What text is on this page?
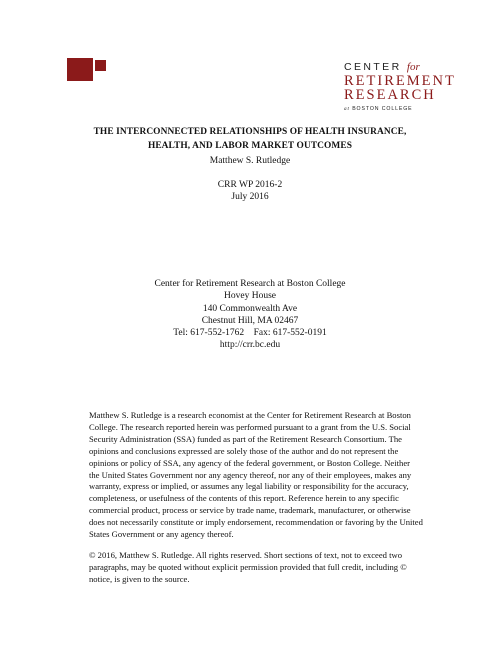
CENTER for
RETIREMENT
RESEARCH
at BOSTON COLLEGE
THE INTERCONNECTED RELATIONSHIPS OF HEALTH INSURANCE,
HEALTH, AND LABOR MARKET OUTCOMES
Matthew S. Rutledge
CRR WP 2016-2
July 2016
Center for Retirement Research at Boston College
Hovey House
140 Commonwealth Ave
Chestnut Hill, MA 02467
Tel: 617-552-1762    Fax: 617-552-0191
http://crr.bc.edu
Matthew S. Rutledge is a research economist at the Center for Retirement Research at Boston
College. The research reported herein was performed pursuant to a grant from the U.S. Social
Security Administration (SSA) funded as part of the Retirement Research Consortium. The
opinions and conclusions expressed are solely those of the author and do not represent the
opinions or policy of SSA, any agency of the federal government, or Boston College. Neither
the United States Government nor any agency thereof, nor any of their employees, makes any
warranty, express or implied, or assumes any legal liability or responsibility for the accuracy,
completeness, or usefulness of the contents of this report. Reference herein to any specific
commercial product, process or service by trade name, trademark, manufacturer, or otherwise
does not necessarily constitute or imply endorsement, recommendation or favoring by the United
States Government or any agency thereof.
© 2016, Matthew S. Rutledge. All rights reserved. Short sections of text, not to exceed two
paragraphs, may be quoted without explicit permission provided that full credit, including ©
notice, is given to the source.
